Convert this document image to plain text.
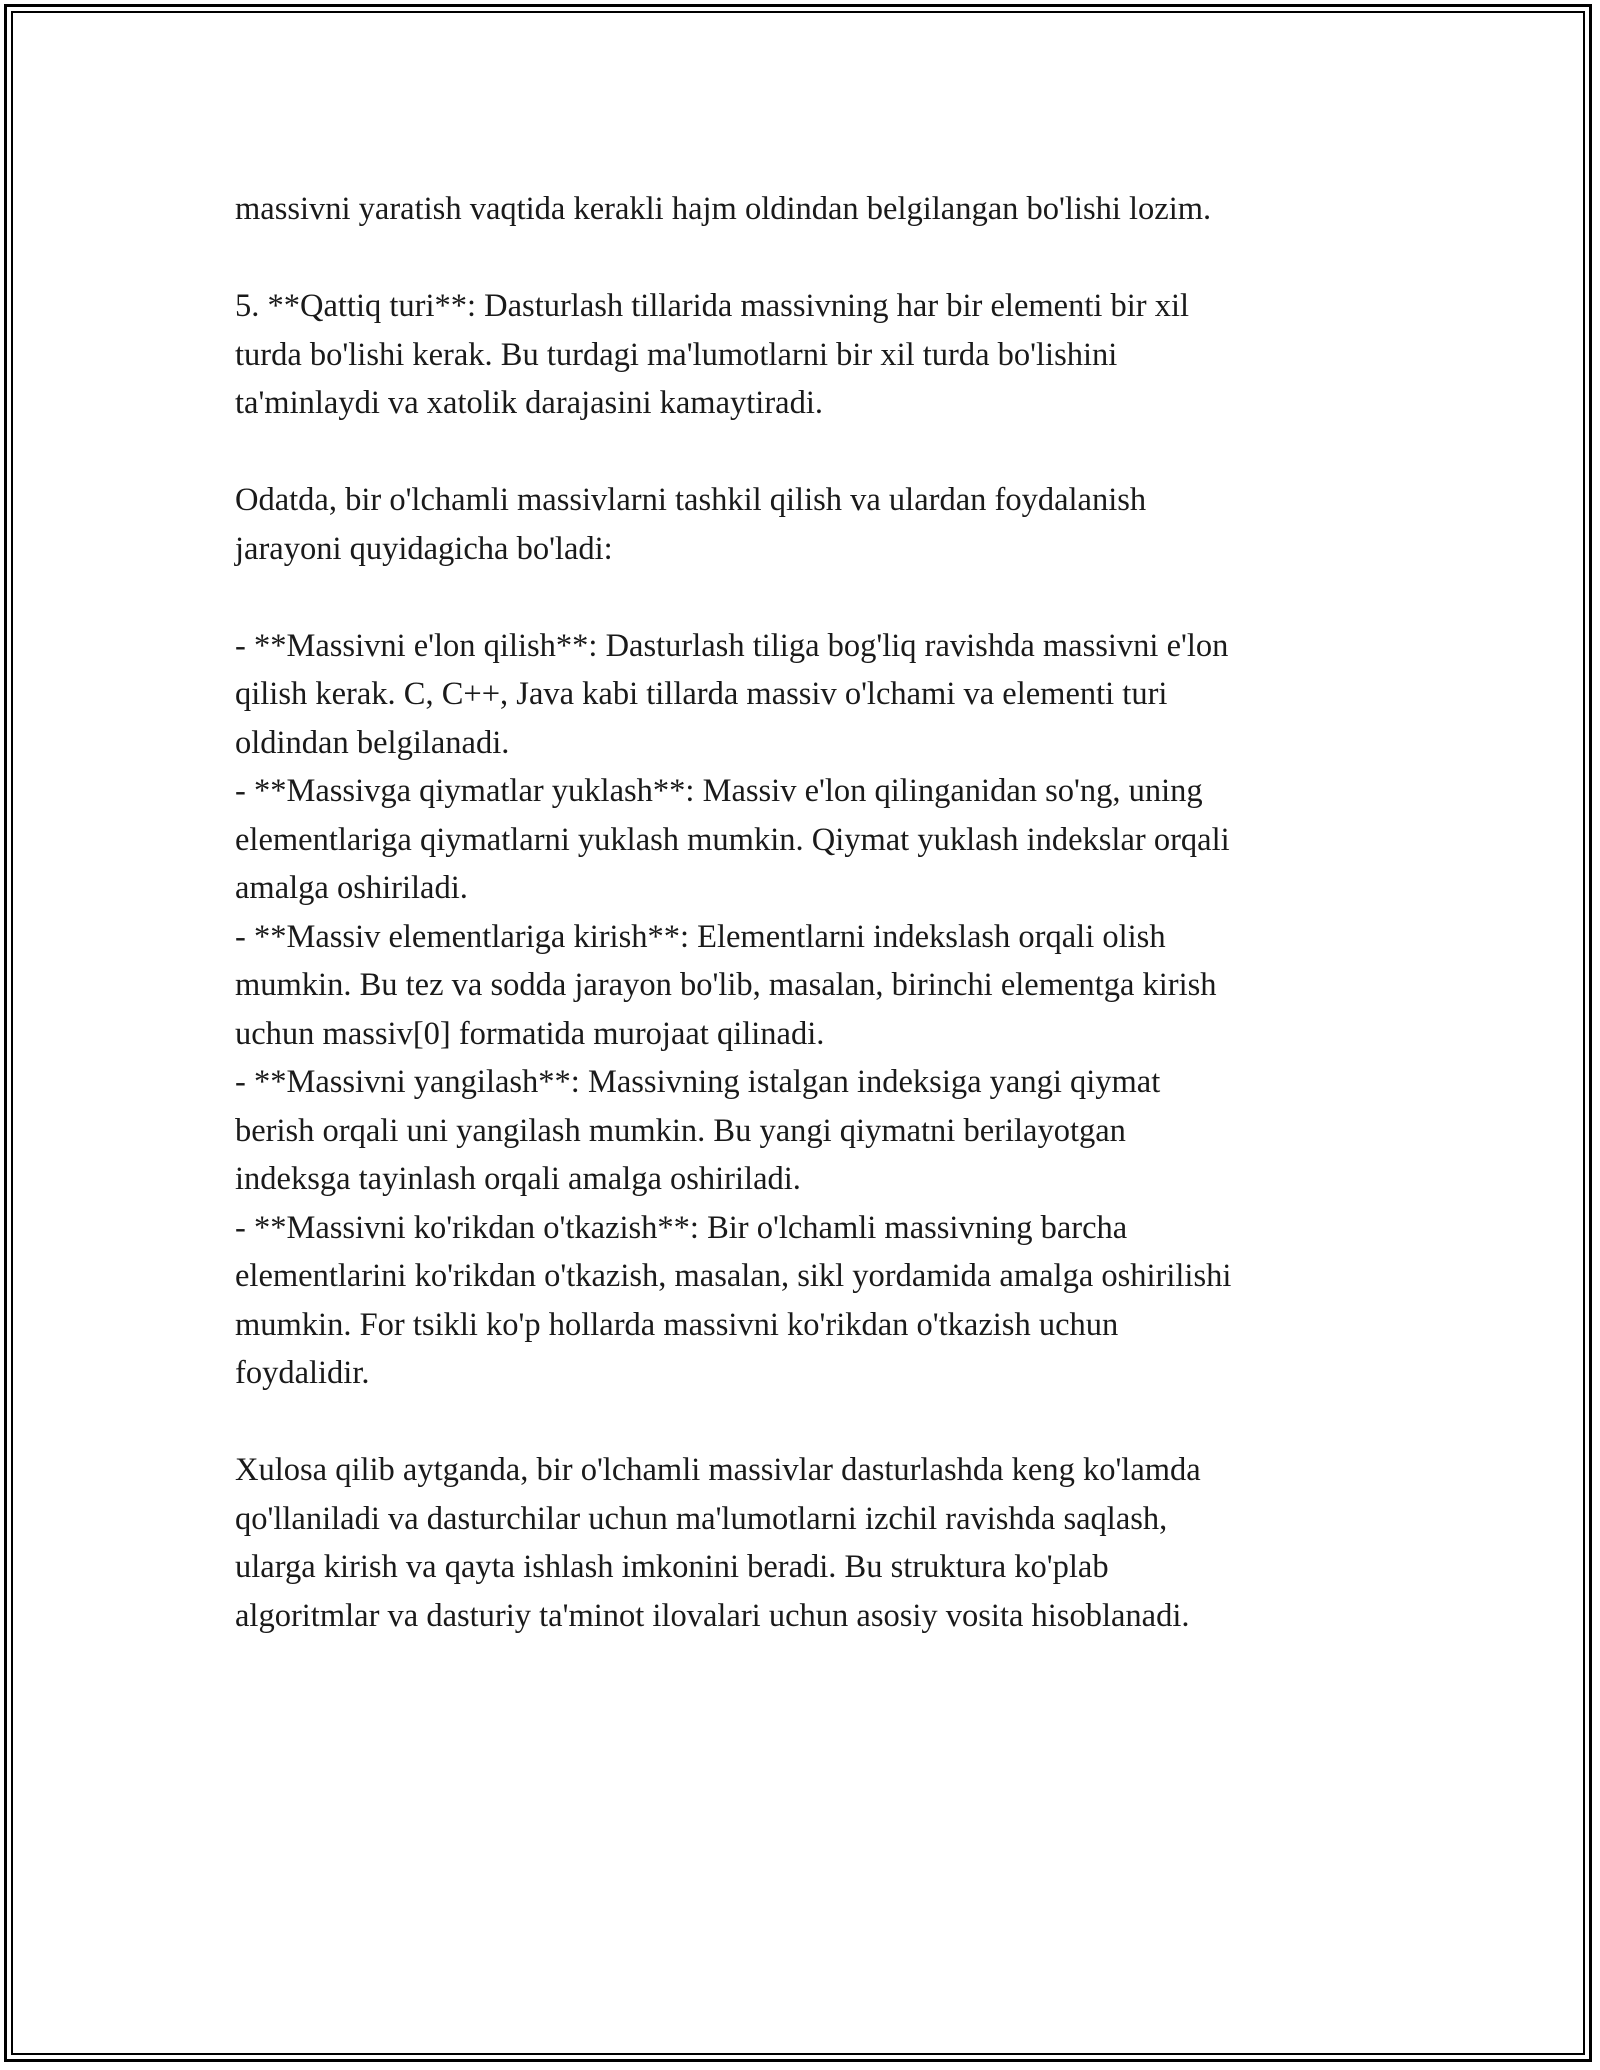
massivni yaratish vaqtida kerakli hajm oldindan belgilangan bo'lishi lozim.

5. **Qattiq turi**: Dasturlash tillarida massivning har bir elementi bir xil
turda bo'lishi kerak. Bu turdagi ma'lumotlarni bir xil turda bo'lishini
ta'minlaydi va xatolik darajasini kamaytiradi.

Odatda, bir o'lchamli massivlarni tashkil qilish va ulardan foydalanish
jarayoni quyidagicha bo'ladi:

- **Massivni e'lon qilish**: Dasturlash tiliga bog'liq ravishda massivni e'lon
qilish kerak. C, C++, Java kabi tillarda massiv o'lchami va elementi turi
oldindan belgilanadi.
- **Massivga qiymatlar yuklash**: Massiv e'lon qilinganidan so'ng, uning
elementlariga qiymatlarni yuklash mumkin. Qiymat yuklash indekslar orqali
amalga oshiriladi.
- **Massiv elementlariga kirish**: Elementlarni indekslash orqali olish
mumkin. Bu tez va sodda jarayon bo'lib, masalan, birinchi elementga kirish
uchun massiv[0] formatida murojaat qilinadi.
- **Massivni yangilash**: Massivning istalgan indeksiga yangi qiymat
berish orqali uni yangilash mumkin. Bu yangi qiymatni berilayotgan
indeksga tayinlash orqali amalga oshiriladi.
- **Massivni ko'rikdan o'tkazish**: Bir o'lchamli massivning barcha
elementlarini ko'rikdan o'tkazish, masalan, sikl yordamida amalga oshirilishi
mumkin. For tsikli ko'p hollarda massivni ko'rikdan o'tkazish uchun
foydalidir.

Xulosa qilib aytganda, bir o'lchamli massivlar dasturlashda keng ko'lamda
qo'llaniladi va dasturchilar uchun ma'lumotlarni izchil ravishda saqlash,
ularga kirish va qayta ishlash imkonini beradi. Bu struktura ko'plab
algoritmlar va dasturiy ta'minot ilovalari uchun asosiy vosita hisoblanadi.
